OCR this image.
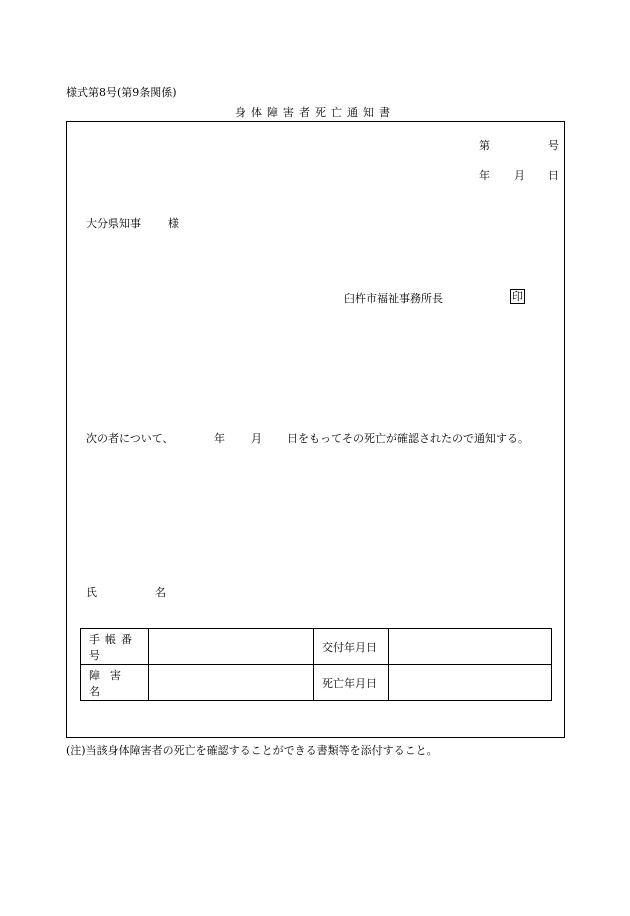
様式第8号(第9条関係)
身体障害者死亡通知書
第	号
年 月 日
大分県知事 様
臼杵市福祉事務所長	印
次の者について、	年 月 日をもってその死亡が確認されたので通知する。
氏	名
手帳番号		交付年月日	
障害名		死亡年月日	
(注)当該身体障害者の死亡を確認することができる書類等を添付すること。
